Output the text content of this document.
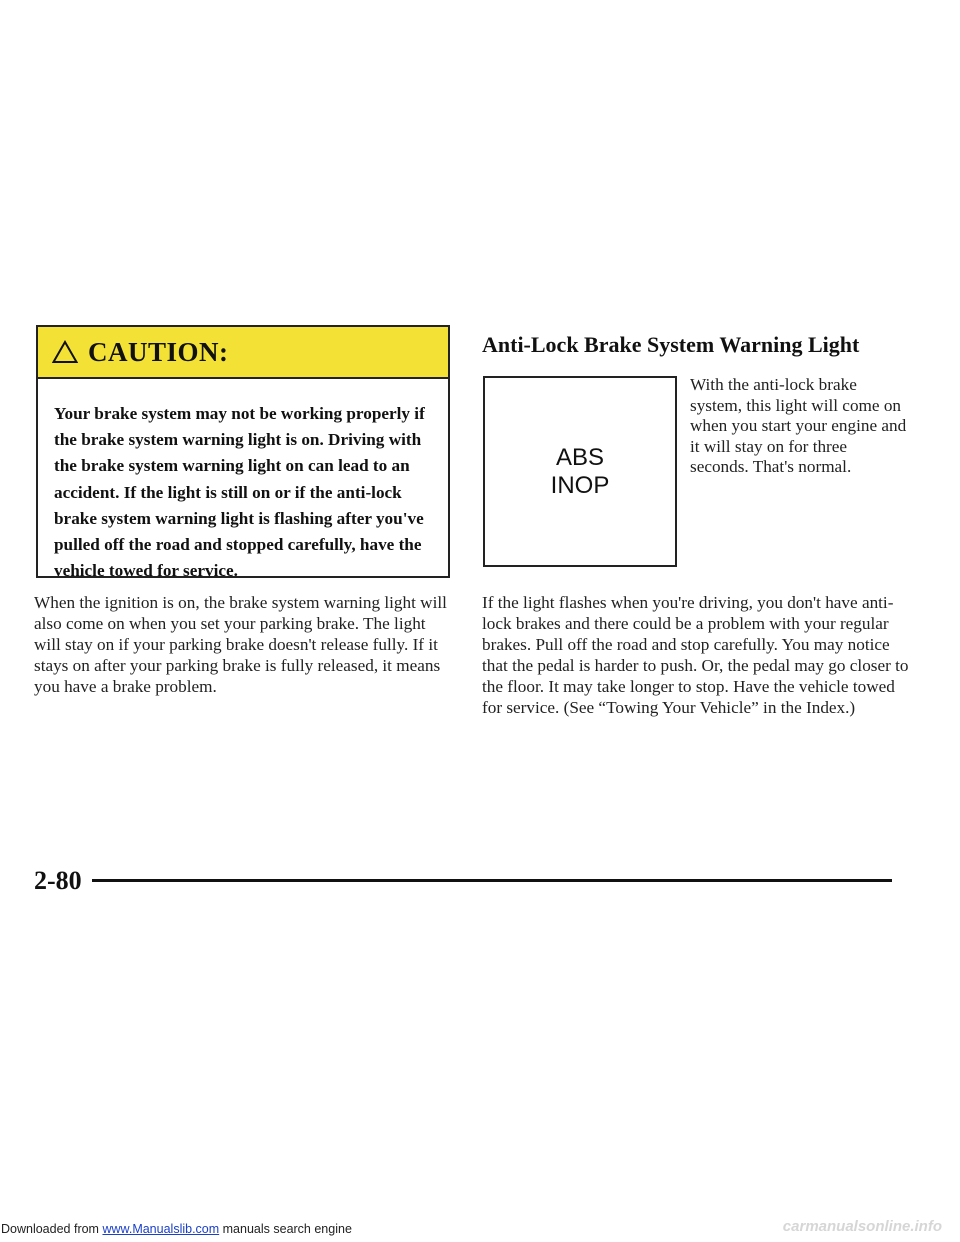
CAUTION:
Your brake system may not be working properly if the brake system warning light is on. Driving with the brake system warning light on can lead to an accident. If the light is still on or if the anti-lock brake system warning light is flashing after you've pulled off the road and stopped carefully, have the vehicle towed for service.
When the ignition is on, the brake system warning light will also come on when you set your parking brake. The light will stay on if your parking brake doesn't release fully. If it stays on after your parking brake is fully released, it means you have a brake problem.
Anti-Lock Brake System Warning Light
ABS
INOP
With the anti-lock brake system, this light will come on when you start your engine and it will stay on for three seconds. That's normal.
If the light flashes when you're driving, you don't have anti-lock brakes and there could be a problem with your regular brakes. Pull off the road and stop carefully. You may notice that the pedal is harder to push. Or, the pedal may go closer to the floor. It may take longer to stop. Have the vehicle towed for service. (See “Towing Your Vehicle” in the Index.)
2-80
Downloaded from www.Manualslib.com manuals search engine	carmanualsonline.info
